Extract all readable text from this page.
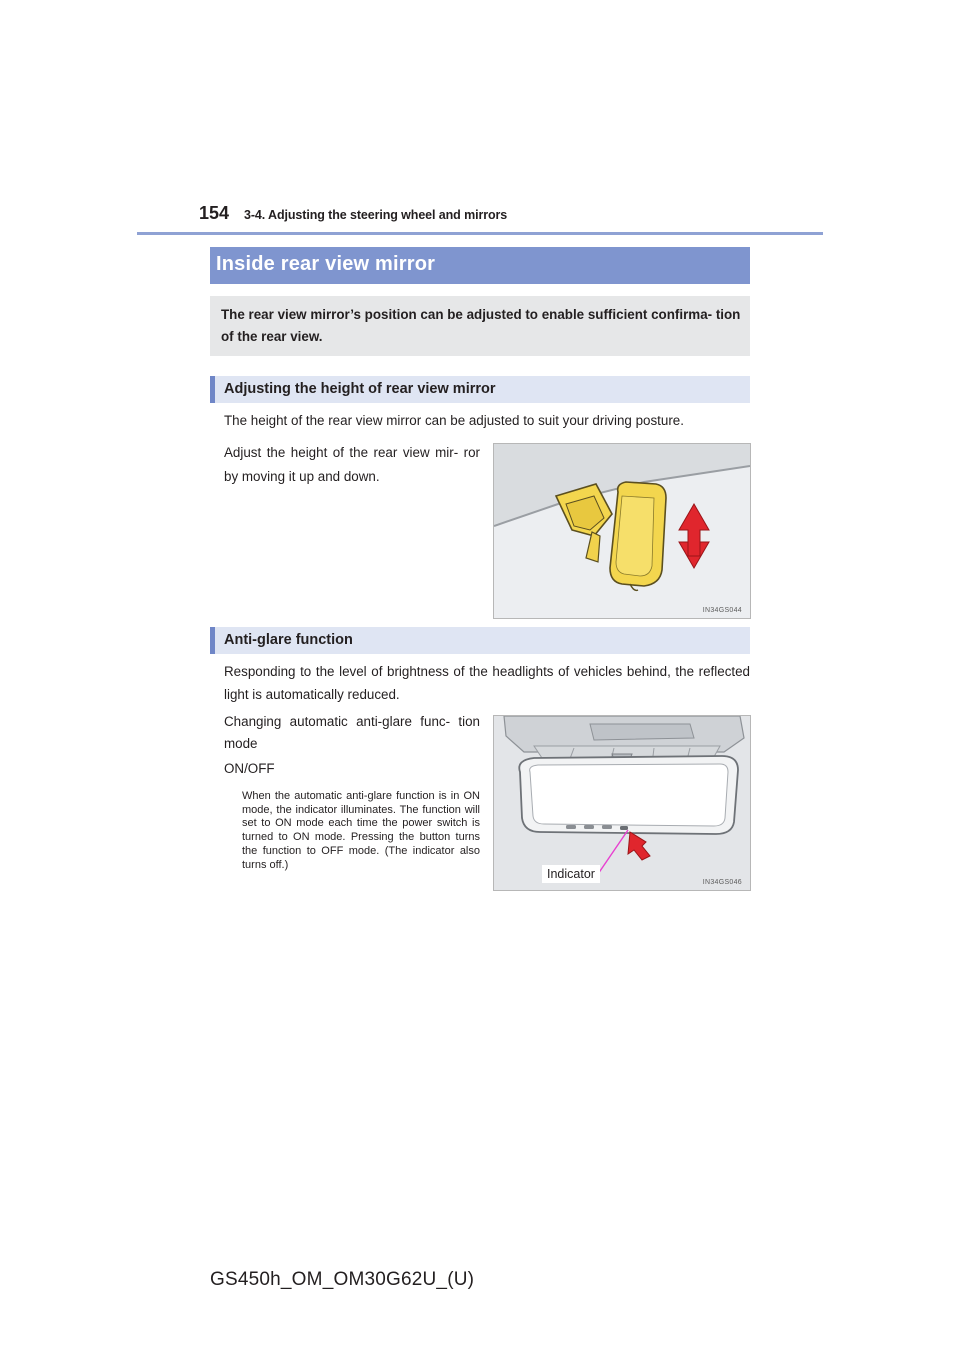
154 3-4. Adjusting the steering wheel and mirrors
Inside rear view mirror
The rear view mirror’s position can be adjusted to enable sufficient confirma- tion of the rear view.
Adjusting the height of rear view mirror
The height of the rear view mirror can be adjusted to suit your driving posture.
Adjust the height of the rear view mir- ror by moving it up and down.
IN34GS044
Anti-glare function
Responding to the level of brightness of the headlights of vehicles behind, the reflected light is automatically reduced.
Changing automatic anti-glare func- tion mode
ON/OFF
When the automatic anti-glare function is in ON mode, the indicator illuminates. The function will set to ON mode each time the power switch is turned to ON mode. Pressing the button turns the function to OFF mode. (The indicator also turns off.)
Indicator
IN34GS046
GS450h_OM_OM30G62U_(U)
